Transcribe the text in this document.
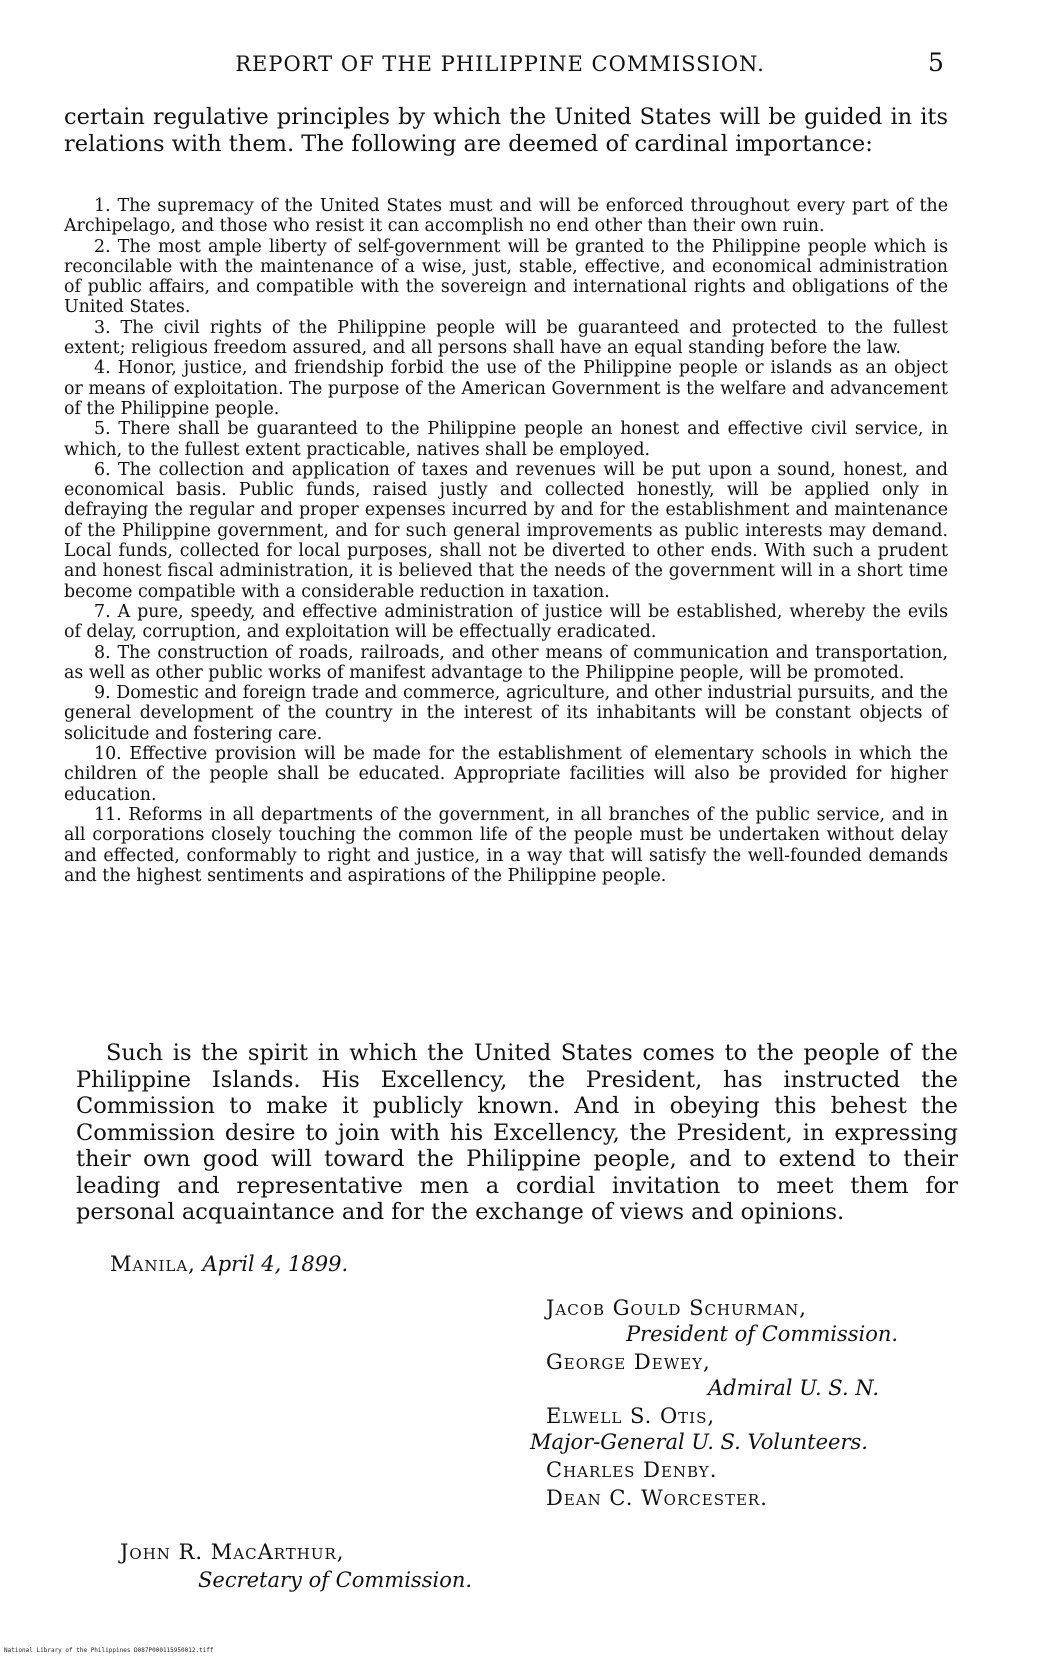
REPORT OF THE PHILIPPINE COMMISSION.	5
certain regulative principles by which the United States will be guided in its relations with them. The following are deemed of cardinal importance:

1. The supremacy of the United States must and will be enforced throughout every part of the Archipelago, and those who resist it can accomplish no end other than their own ruin.

2. The most ample liberty of self-government will be granted to the Philippine people which is reconcilable with the maintenance of a wise, just, stable, effective, and economical administration of public affairs, and compatible with the sovereign and international rights and obligations of the United States.

3. The civil rights of the Philippine people will be guaranteed and protected to the fullest extent; religious freedom assured, and all persons shall have an equal standing before the law.

4. Honor, justice, and friendship forbid the use of the Philippine people or islands as an object or means of exploitation. The purpose of the American Government is the welfare and advancement of the Philippine people.

5. There shall be guaranteed to the Philippine people an honest and effective civil service, in which, to the fullest extent practicable, natives shall be employed.

6. The collection and application of taxes and revenues will be put upon a sound, honest, and economical basis. Public funds, raised justly and collected honestly, will be applied only in defraying the regular and proper expenses incurred by and for the establishment and maintenance of the Philippine government, and for such general improvements as public interests may demand. Local funds, collected for local purposes, shall not be diverted to other ends. With such a prudent and honest fiscal administration, it is believed that the needs of the government will in a short time become compatible with a considerable reduction in taxation.

7. A pure, speedy, and effective administration of justice will be established, whereby the evils of delay, corruption, and exploitation will be effectually eradicated.

8. The construction of roads, railroads, and other means of communication and transportation, as well as other public works of manifest advantage to the Philippine people, will be promoted.

9. Domestic and foreign trade and commerce, agriculture, and other industrial pursuits, and the general development of the country in the interest of its inhabitants will be constant objects of solicitude and fostering care.

10. Effective provision will be made for the establishment of elementary schools in which the children of the people shall be educated. Appropriate facilities will also be provided for higher education.

11. Reforms in all departments of the government, in all branches of the public service, and in all corporations closely touching the common life of the people must be undertaken without delay and effected, conformably to right and justice, in a way that will satisfy the well-founded demands and the highest sentiments and aspirations of the Philippine people.

Such is the spirit in which the United States comes to the people of the Philippine Islands. His Excellency, the President, has instructed the Commission to make it publicly known. And in obeying this behest the Commission desire to join with his Excellency, the President, in expressing their own good will toward the Philippine people, and to extend to their leading and representative men a cordial invitation to meet them for personal acquaintance and for the exchange of views and opinions.
Manila, April 4, 1899.
Jacob Gould Schurman,
President of Commission.
George Dewey,
Admiral U. S. N.
Elwell S. Otis,
Major-General U. S. Volunteers.
Charles Denby.
Dean C. Worcester.
John R. MacArthur,
Secretary of Commission.
National Library of the Philippines D087P000115950012.tiff
